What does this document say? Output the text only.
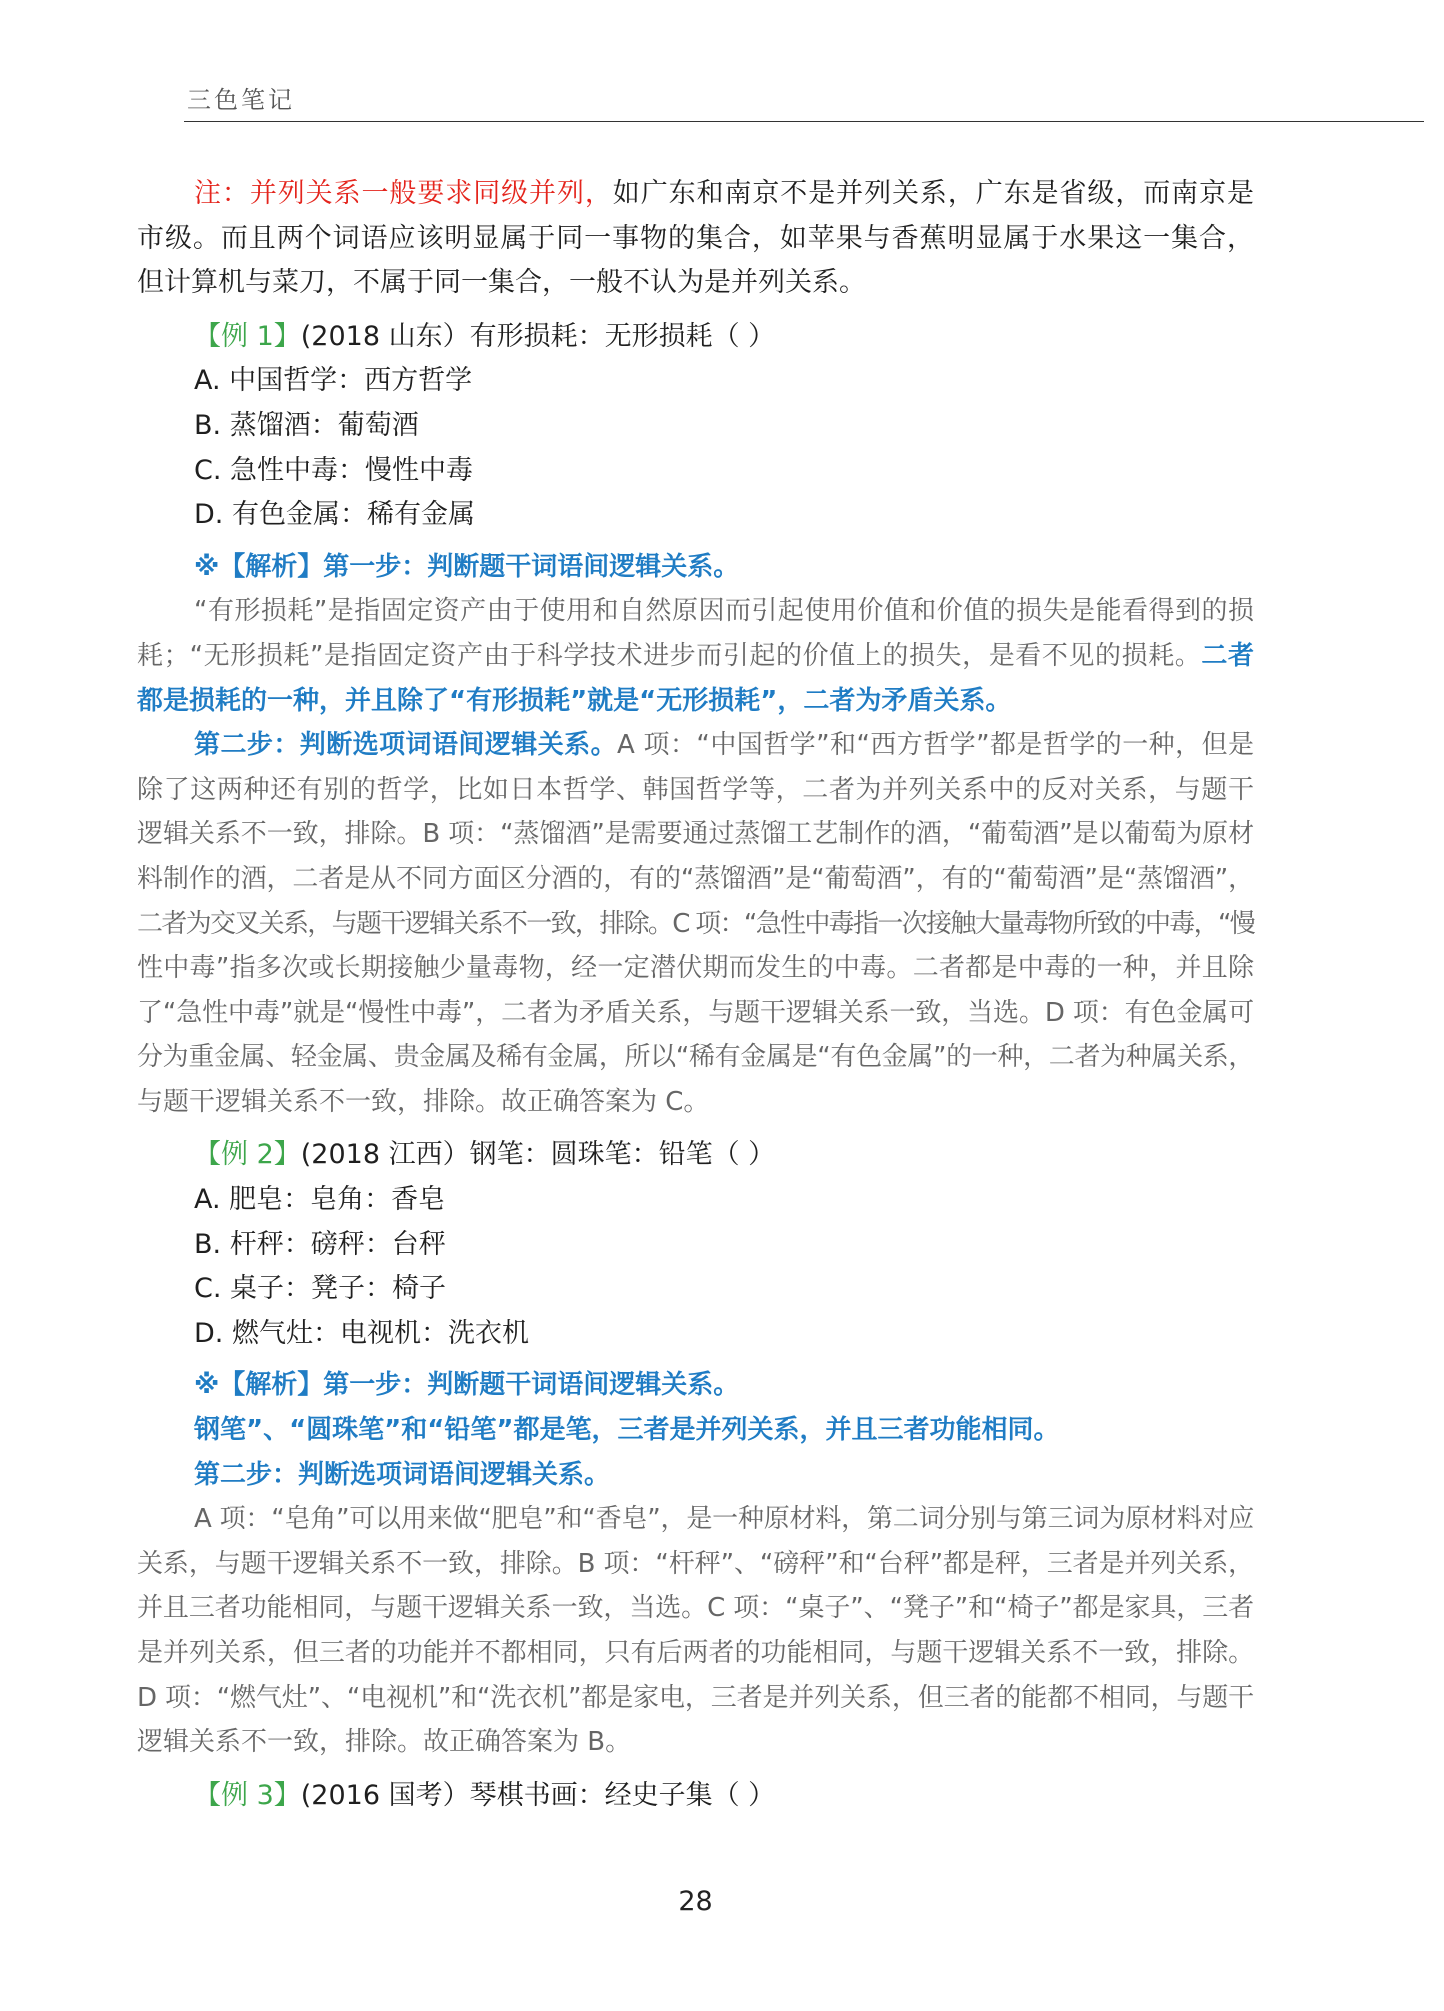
三色笔记
注：并列关系一般要求同级并列，如广东和南京不是并列关系，广东是省级，而南京是
市级。而且两个词语应该明显属于同一事物的集合，如苹果与香蕉明显属于水果这一集合，
但计算机与菜刀，不属于同一集合，一般不认为是并列关系。
【例 1】(2018 山东）有形损耗：无形损耗（ ）
A. 中国哲学：西方哲学
B. 蒸馏酒：葡萄酒
C. 急性中毒：慢性中毒
D. 有色金属：稀有金属
※【解析】第一步：判断题干词语间逻辑关系。
“有形损耗”是指固定资产由于使用和自然原因而引起使用价值和价值的损失是能看得到的损
耗；“无形损耗”是指固定资产由于科学技术进步而引起的价值上的损失，是看不见的损耗。二者
都是损耗的一种，并且除了“有形损耗”就是“无形损耗”，二者为矛盾关系。
第二步：判断选项词语间逻辑关系。A 项：“中国哲学”和“西方哲学”都是哲学的一种，但是
除了这两种还有别的哲学，比如日本哲学、韩国哲学等，二者为并列关系中的反对关系，与题干
逻辑关系不一致，排除。B 项：“蒸馏酒”是需要通过蒸馏工艺制作的酒，“葡萄酒”是以葡萄为原材
料制作的酒，二者是从不同方面区分酒的，有的“蒸馏酒”是“葡萄酒”，有的“葡萄酒”是“蒸馏酒”，
二者为交叉关系，与题干逻辑关系不一致，排除。C 项：“急性中毒指一次接触大量毒物所致的中毒，“慢
性中毒”指多次或长期接触少量毒物，经一定潜伏期而发生的中毒。二者都是中毒的一种，并且除
了“急性中毒”就是“慢性中毒”，二者为矛盾关系，与题干逻辑关系一致，当选。D 项：有色金属可
分为重金属、轻金属、贵金属及稀有金属，所以“稀有金属是“有色金属”的一种，二者为种属关系，
与题干逻辑关系不一致，排除。故正确答案为 C。
【例 2】(2018 江西）钢笔：圆珠笔：铅笔（ ）
A. 肥皂：皂角：香皂
B. 杆秤：磅秤：台秤
C. 桌子：凳子：椅子
D. 燃气灶：电视机：洗衣机
※【解析】第一步：判断题干词语间逻辑关系。
钢笔”、“圆珠笔”和“铅笔”都是笔，三者是并列关系，并且三者功能相同。
第二步：判断选项词语间逻辑关系。
A 项：“皂角”可以用来做“肥皂”和“香皂”，是一种原材料，第二词分别与第三词为原材料对应
关系，与题干逻辑关系不一致，排除。B 项：“杆秤”、“磅秤”和“台秤”都是秤，三者是并列关系，
并且三者功能相同，与题干逻辑关系一致，当选。C 项：“桌子”、“凳子”和“椅子”都是家具，三者
是并列关系，但三者的功能并不都相同，只有后两者的功能相同，与题干逻辑关系不一致，排除。
D 项：“燃气灶”、“电视机”和“洗衣机”都是家电，三者是并列关系，但三者的能都不相同，与题干
逻辑关系不一致，排除。故正确答案为 B。
【例 3】(2016 国考）琴棋书画：经史子集（ ）
28
